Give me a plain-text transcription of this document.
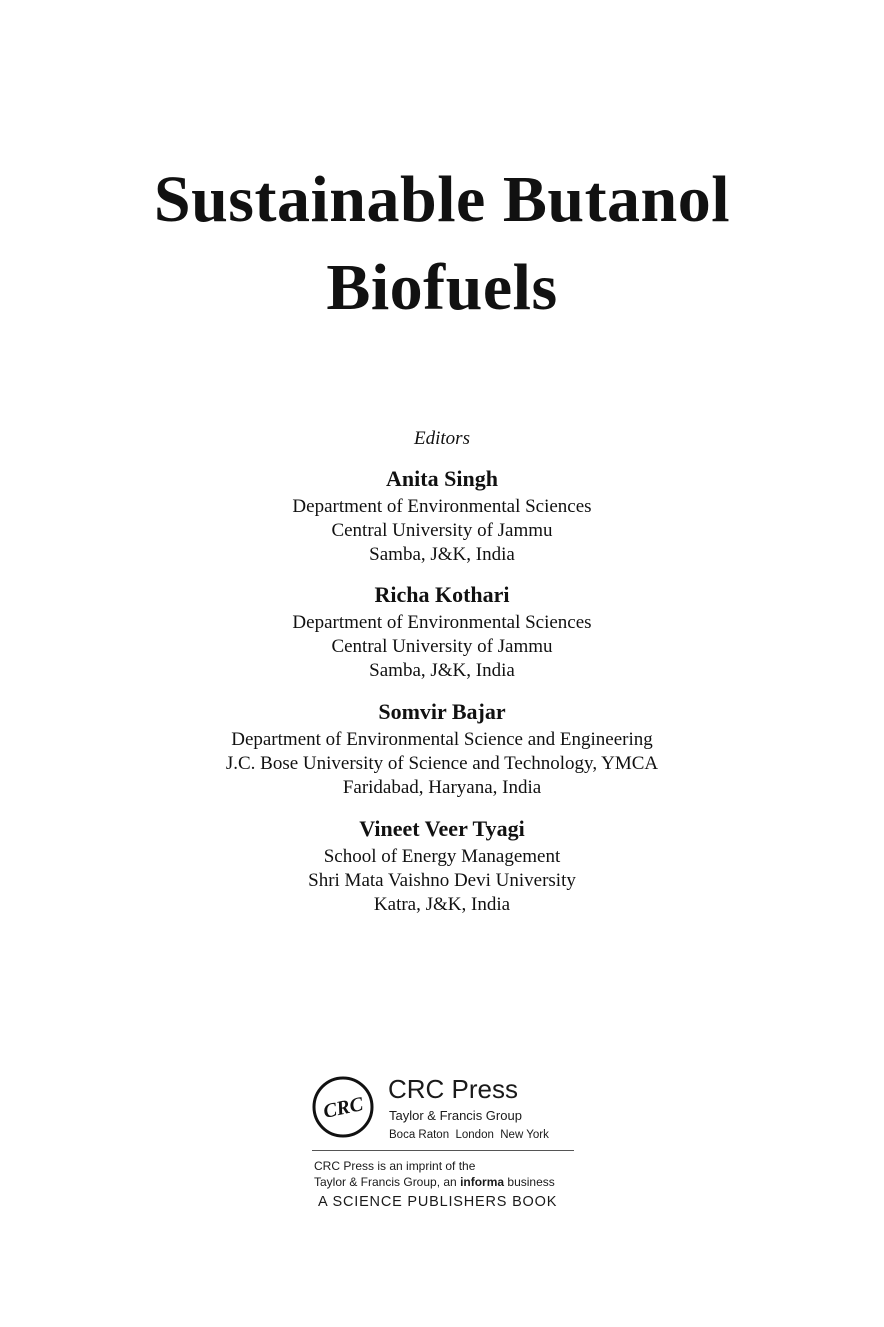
Sustainable Butanol
Biofuels

Editors

Anita Singh

Department of Environmental Sciences

Central University of Jammu

Samba, J&K, India

Richa Kothari

Department of Environmental Sciences

Central University of Jammu

Samba, J&K, India

Somvir Bajar

Department of Environmental Science and Engineering

J.C. Bose University of Science and Technology, YMCA

Faridabad, Haryana, India

Vineet Veer Tyagi

School of Energy Management

Shri Mata Vaishno Devi University

Katra, J&K, India

CRC

CRC Press

Taylor & Francis Group

Boca Raton  London  New York

CRC Press is an imprint of the
Taylor & Francis Group, an informa business

A SCIENCE PUBLISHERS BOOK
